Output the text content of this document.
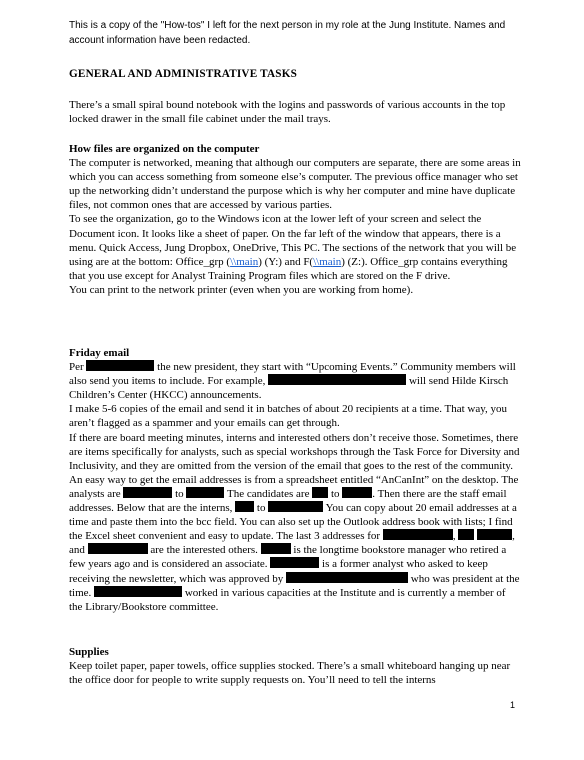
This is a copy of the "How-tos" I left for the next person in my role at the Jung Institute. Names and account information have been redacted.
GENERAL AND ADMINISTRATIVE TASKS

There’s a small spiral bound notebook with the logins and passwords of various accounts in the top locked drawer in the small file cabinet under the mail trays.

How files are organized on the computer

The computer is networked, meaning that although our computers are separate, there are some areas in which you can access something from someone else’s computer. The previous office manager who set up the networking didn’t understand the purpose which is why her computer and mine have duplicate files, not common ones that are accessed by various parties.

To see the organization, go to the Windows icon at the lower left of your screen and select the Document icon. It looks like a sheet of paper. On the far left of the window that appears, there is a menu. Quick Access, Jung Dropbox, OneDrive, This PC. The sections of the network that you will be using are at the bottom: Office_grp (\\main) (Y:) and F(\\main) (Z:). Office_grp contains everything that you use except for Analyst Training Program files which are stored on the F drive.

You can print to the network printer (even when you are working from home).

Friday email

Per	the new president, they start with “Upcoming Events.” Community members will also send you items to include. For example,	will send Hilde Kirsch Children’s Center (HKCC) announcements.

I make 5-6 copies of the email and send it in batches of about 20 recipients at a time. That way, you aren’t flagged as a spammer and your emails can get through.

If there are board meeting minutes, interns and interested others don’t receive those. Sometimes, there are items specifically for analysts, such as special workshops through the Task Force for Diversity and Inclusivity, and they are omitted from the version of the email that goes to the rest of the community. An easy way to get the email addresses is from a spreadsheet entitled “AnCanInt” on the desktop. The analysts are	to	The candidates are to	. Then there are the staff email addresses. Below that are the interns, to	You can copy about 20 email addresses at a time and paste them into the bcc field. You can also set up the Outlook address book with lists; I find the Excel sheet convenient and easy to update. The last 3 addresses for	,	, and	are the interested others.	is the longtime bookstore manager who retired a few years ago and is considered an associate.	is a former analyst who asked to keep receiving the newsletter, which was approved by	who was president at the time.	worked in various capacities at the Institute and is currently a member of the Library/Bookstore committee.

Supplies

Keep toilet paper, paper towels, office supplies stocked. There’s a small whiteboard hanging up near the office door for people to write supply requests on. You’ll need to tell the interns

1
